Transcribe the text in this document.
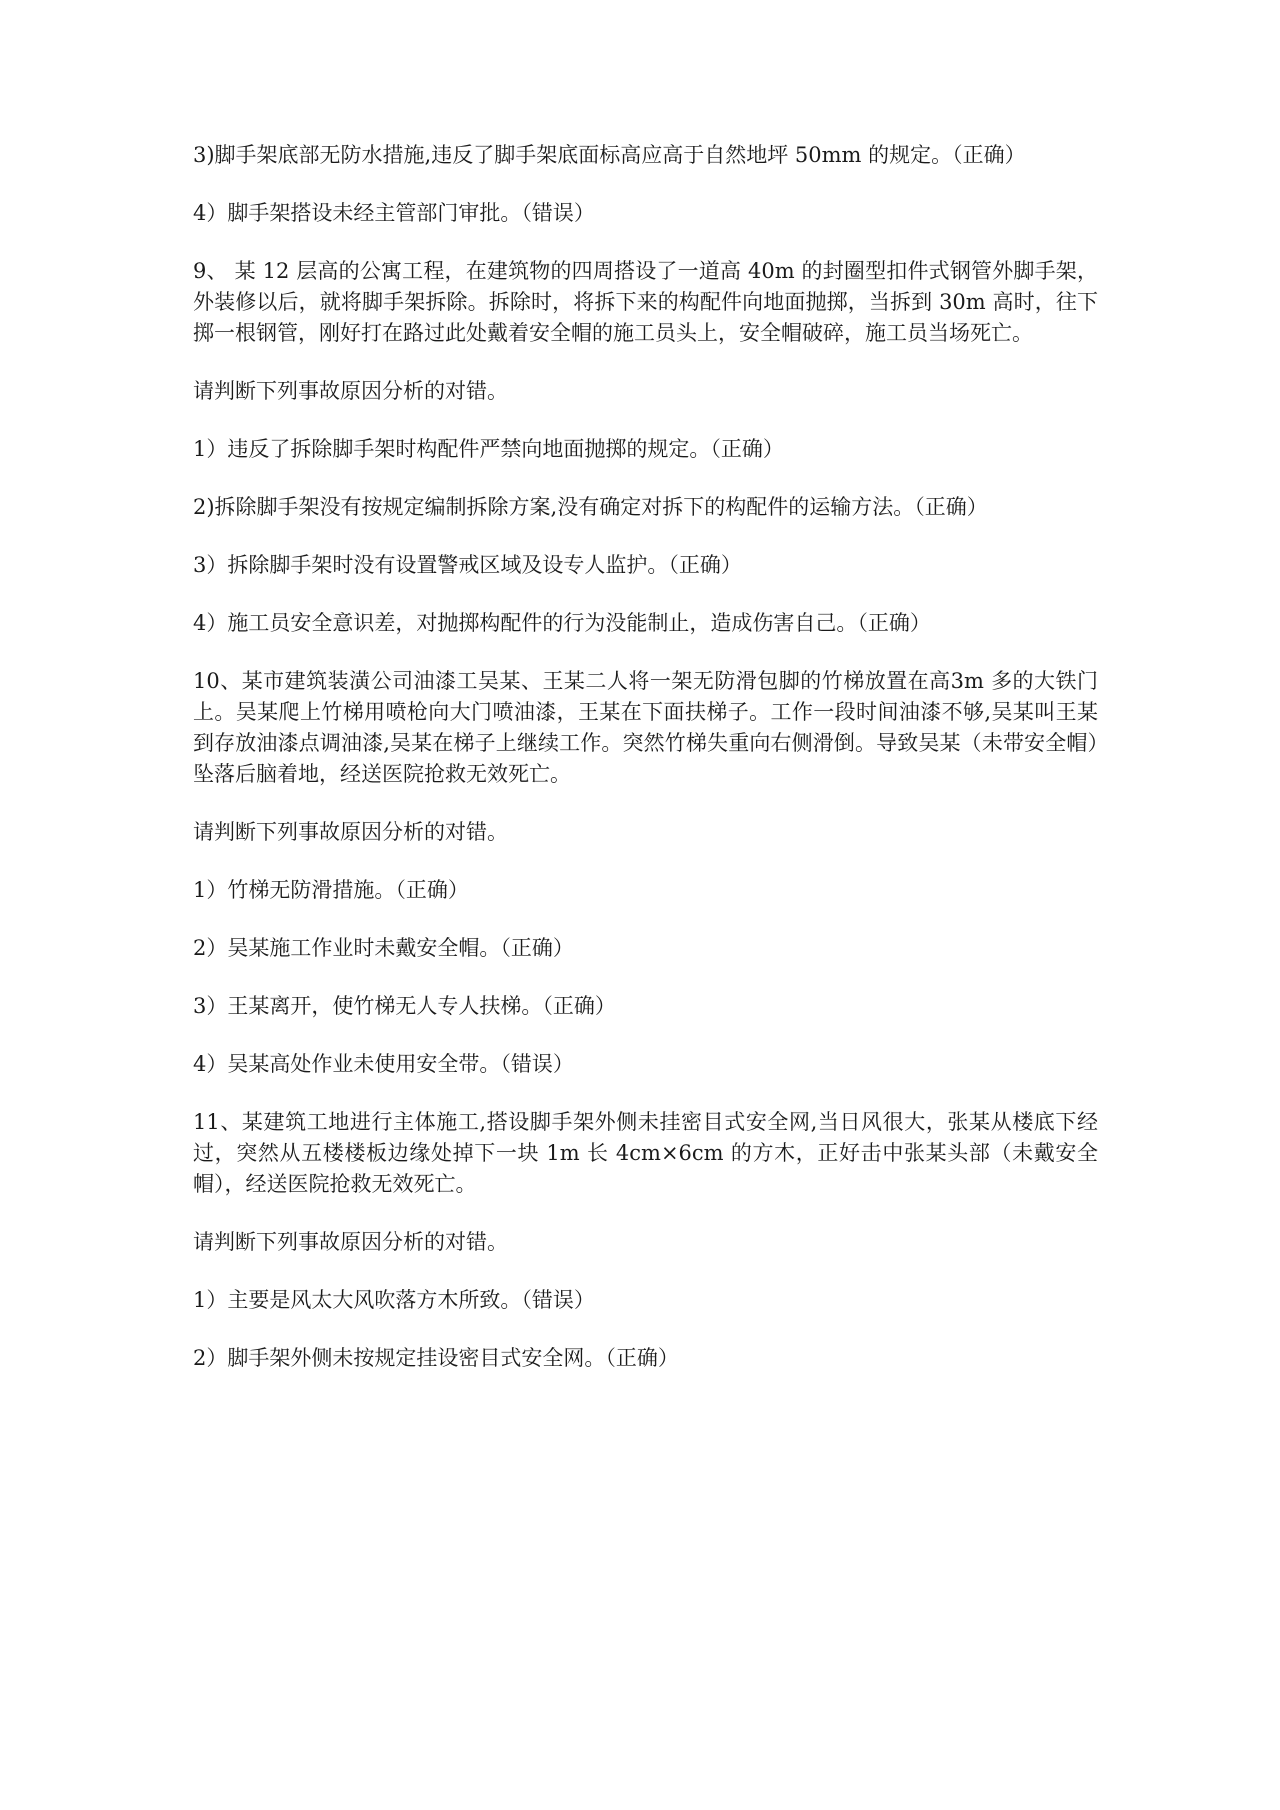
3)脚手架底部无防水措施,违反了脚手架底面标高应高于自然地坪 50mm 的规定。（正确）

4）脚手架搭设未经主管部门审批。（错误）

9、 某 12 层高的公寓工程，在建筑物的四周搭设了一道高 40m 的封圈型扣件式钢管外脚手架，外装修以后，就将脚手架拆除。拆除时，将拆下来的构配件向地面抛掷，当拆到 30m 高时，往下掷一根钢管，刚好打在路过此处戴着安全帽的施工员头上，安全帽破碎，施工员当场死亡。

请判断下列事故原因分析的对错。

1）违反了拆除脚手架时构配件严禁向地面抛掷的规定。（正确）

2)拆除脚手架没有按规定编制拆除方案,没有确定对拆下的构配件的运输方法。（正确）

3）拆除脚手架时没有设置警戒区域及设专人监护。（正确）

4）施工员安全意识差，对抛掷构配件的行为没能制止，造成伤害自己。（正确）

10、某市建筑装潢公司油漆工吴某、王某二人将一架无防滑包脚的竹梯放置在高3m 多的大铁门上。吴某爬上竹梯用喷枪向大门喷油漆，王某在下面扶梯子。工作一段时间油漆不够,吴某叫王某到存放油漆点调油漆,吴某在梯子上继续工作。突然竹梯失重向右侧滑倒。导致吴某（未带安全帽）坠落后脑着地，经送医院抢救无效死亡。

请判断下列事故原因分析的对错。

1）竹梯无防滑措施。（正确）

2）吴某施工作业时未戴安全帽。（正确）

3）王某离开，使竹梯无人专人扶梯。（正确）

4）吴某高处作业未使用安全带。（错误）

11、某建筑工地进行主体施工,搭设脚手架外侧未挂密目式安全网,当日风很大，张某从楼底下经过，突然从五楼楼板边缘处掉下一块 1m 长 4cm×6cm 的方木，正好击中张某头部（未戴安全帽），经送医院抢救无效死亡。

请判断下列事故原因分析的对错。

1）主要是风太大风吹落方木所致。（错误）

2）脚手架外侧未按规定挂设密目式安全网。（正确）
